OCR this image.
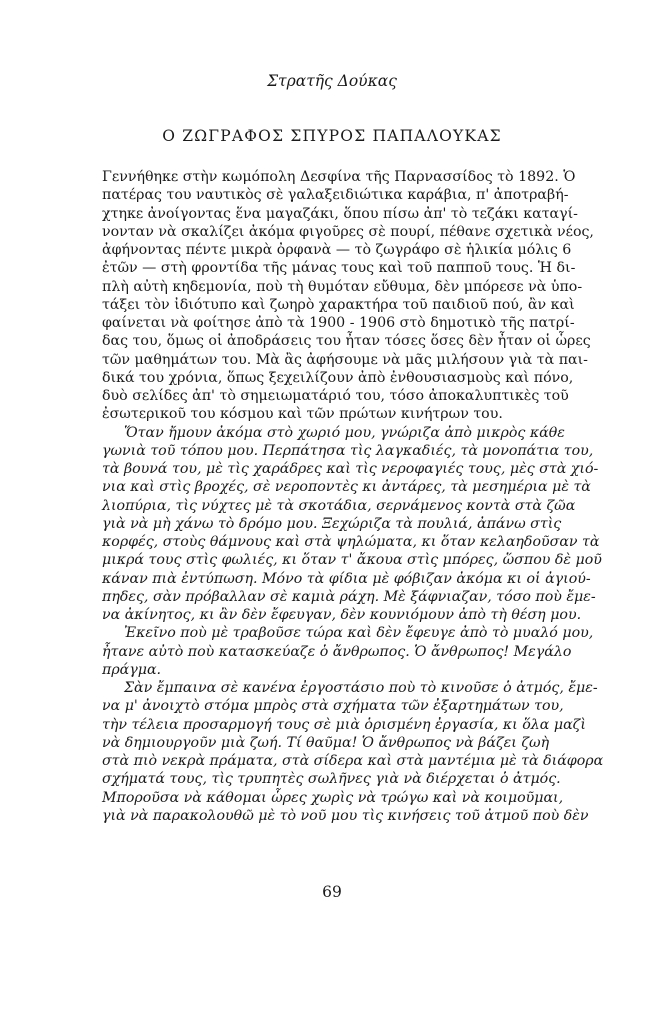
Στρατῆς Δούκας
Ο ΖΩΓΡΑΦΟΣ ΣΠΥΡΟΣ ΠΑΠΑΛΟΥΚΑΣ
69
Γεννήθηκε στὴν κωμόπολη Δεσφίνα τῆς Παρνασσίδος τὸ 1892. Ὁ
πατέρας του ναυτικὸς σὲ γαλαξειδιώτικα καράβια, π' ἀποτραβή-
χτηκε ἀνοίγοντας ἕνα μαγαζάκι, ὅπου πίσω ἀπ' τὸ τεζάκι καταγί-
νονταν νὰ σκαλίζει ἀκόμα φιγοῦρες σὲ πουρί, πέθανε σχετικὰ νέος,
ἀφήνοντας πέντε μικρὰ ὀρφανὰ — τὸ ζωγράφο σὲ ἡλικία μόλις 6
ἐτῶν — στὴ φροντίδα τῆς μάνας τους καὶ τοῦ παπποῦ τους. Ἡ δι-
πλὴ αὐτὴ κηδεμονία, ποὺ τὴ θυμόταν εὔθυμα, δὲν μπόρεσε νὰ ὑπο-
τάξει τὸν ἰδιότυπο καὶ ζωηρὸ χαρακτήρα τοῦ παιδιοῦ πού, ἂν καὶ
φαίνεται νὰ φοίτησε ἀπὸ τὰ 1900 - 1906 στὸ δημοτικὸ τῆς πατρί-
δας του, ὅμως οἱ ἀποδράσεις του ἦταν τόσες ὅσες δὲν ἦταν οἱ ὧρες
τῶν μαθημάτων του. Μὰ ἂς ἀφήσουμε νὰ μᾶς μιλήσουν γιὰ τὰ παι-
δικά του χρόνια, ὅπως ξεχειλίζουν ἀπὸ ἐνθουσιασμοὺς καὶ πόνο,
δυὸ σελίδες ἀπ' τὸ σημειωματάριό του, τόσο ἀποκαλυπτικὲς τοῦ
ἐσωτερικοῦ του κόσμου καὶ τῶν πρώτων κινήτρων του.
Ὅταν ἤμουν ἀκόμα στὸ χωριό μου, γνώριζα ἀπὸ μικρὸς κάθε
γωνιὰ τοῦ τόπου μου. Περπάτησα τὶς λαγκαδιές, τὰ μονοπάτια του,
τὰ βουνά του, μὲ τὶς χαράδρες καὶ τὶς νεροφαγιές τους, μὲς στὰ χιό-
νια καὶ στὶς βροχές, σὲ νεροποντὲς κι ἀντάρες, τὰ μεσημέρια μὲ τὰ
λιοπύρια, τὶς νύχτες μὲ τὰ σκοτάδια, σερνάμενος κοντὰ στὰ ζῶα
γιὰ νὰ μὴ χάνω τὸ δρόμο μου. Ξεχώριζα τὰ πουλιά, ἀπάνω στὶς
κορφές, στοὺς θάμνους καὶ στὰ ψηλώματα, κι ὅταν κελαηδοῦσαν τὰ
μικρά τους στὶς φωλιές, κι ὅταν τ' ἄκουα στὶς μπόρες, ὥσπου δὲ μοῦ
κάναν πιὰ ἐντύπωση. Μόνο τὰ φίδια μὲ φόβιζαν ἀκόμα κι οἱ ἀγιού-
πηδες, σὰν πρόβαλλαν σὲ καμιὰ ράχη. Μὲ ξάφνιαζαν, τόσο ποὺ ἔμε-
να ἀκίνητος, κι ἂν δὲν ἔφευγαν, δὲν κουνιόμουν ἀπὸ τὴ θέση μου.
Ἐκεῖνο ποὺ μὲ τραβοῦσε τώρα καὶ δὲν ἔφευγε ἀπὸ τὸ μυαλό μου,
ἦτανε αὐτὸ ποὺ κατασκεύαζε ὁ ἄνθρωπος. Ὁ ἄνθρωπος! Μεγάλο
πράγμα.
Σὰν ἔμπαινα σὲ κανένα ἐργοστάσιο ποὺ τὸ κινοῦσε ὁ ἀτμός, ἔμε-
να μ' ἀνοιχτὸ στόμα μπρὸς στὰ σχήματα τῶν ἐξαρτημάτων του,
τὴν τέλεια προσαρμογή τους σὲ μιὰ ὁρισμένη ἐργασία, κι ὅλα μαζὶ
νὰ δημιουργοῦν μιὰ ζωή. Τί θαῦμα! Ὁ ἄνθρωπος νὰ βάζει ζωὴ
στὰ πιὸ νεκρὰ πράματα, στὰ σίδερα καὶ στὰ μαντέμια μὲ τὰ διάφορα
σχήματά τους, τὶς τρυπητὲς σωλῆνες γιὰ νὰ διέρχεται ὁ ἀτμός.
Μποροῦσα νὰ κάθομαι ὧρες χωρὶς νὰ τρώγω καὶ νὰ κοιμοῦμαι,
γιὰ νὰ παρακολουθῶ μὲ τὸ νοῦ μου τὶς κινήσεις τοῦ ἀτμοῦ ποὺ δὲν
